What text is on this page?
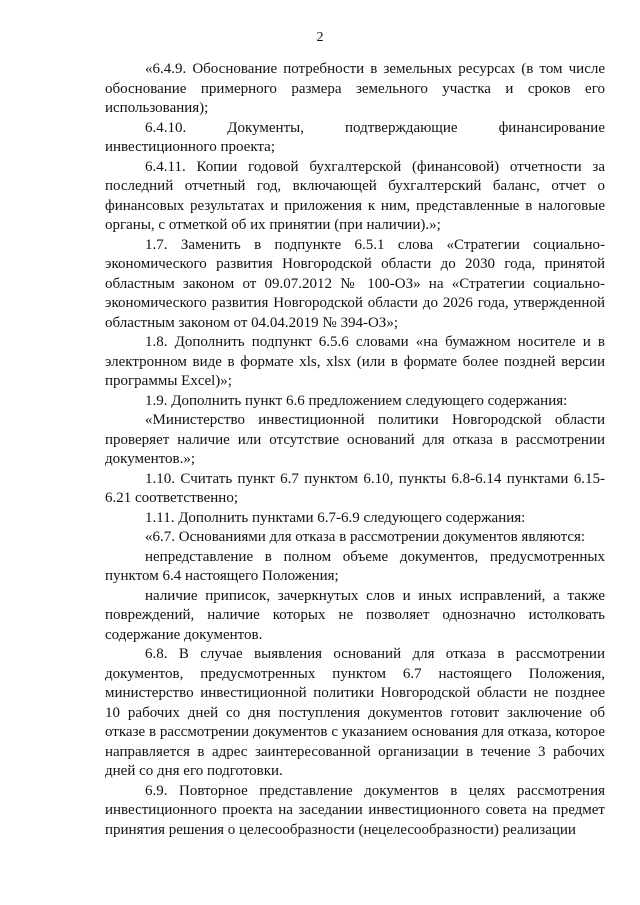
2

«6.4.9. Обоснование потребности в земельных ресурсах (в том числе обоснование примерного размера земельного участка и сроков его использования);

6.4.10. Документы, подтверждающие финансирование инвестиционного проекта;

6.4.11. Копии годовой бухгалтерской (финансовой) отчетности за последний отчетный год, включающей бухгалтерский баланс, отчет о финансовых результатах и приложения к ним, представленные в налоговые органы, с отметкой об их принятии (при наличии).»;

1.7. Заменить в подпункте 6.5.1 слова «Стратегии социально-экономического развития Новгородской области до 2030 года, принятой областным законом от 09.07.2012 № 100-ОЗ» на «Стратегии социально-экономического развития Новгородской области до 2026 года, утвержденной областным законом от 04.04.2019 № 394-ОЗ»;

1.8. Дополнить подпункт 6.5.6 словами «на бумажном носителе и в электронном виде в формате xls, xlsx (или в формате более поздней версии программы Excel)»;

1.9. Дополнить пункт 6.6 предложением следующего содержания:

«Министерство инвестиционной политики Новгородской области проверяет наличие или отсутствие оснований для отказа в рассмотрении документов.»;

1.10. Считать пункт 6.7 пунктом 6.10, пункты 6.8-6.14 пунктами 6.15-6.21 соответственно;

1.11. Дополнить пунктами 6.7-6.9 следующего содержания:

«6.7. Основаниями для отказа в рассмотрении документов являются:

непредставление в полном объеме документов, предусмотренных пунктом 6.4 настоящего Положения;

наличие приписок, зачеркнутых слов и иных исправлений, а также повреждений, наличие которых не позволяет однозначно истолковать содержание документов.

6.8. В случае выявления оснований для отказа в рассмотрении документов, предусмотренных пунктом 6.7 настоящего Положения, министерство инвестиционной политики Новгородской области не позднее 10 рабочих дней со дня поступления документов готовит заключение об отказе в рассмотрении документов с указанием основания для отказа, которое направляется в адрес заинтересованной организации в течение 3 рабочих дней со дня его подготовки.

6.9. Повторное представление документов в целях рассмотрения инвестиционного проекта на заседании инвестиционного совета на предмет принятия решения о целесообразности (нецелесообразности) реализации
